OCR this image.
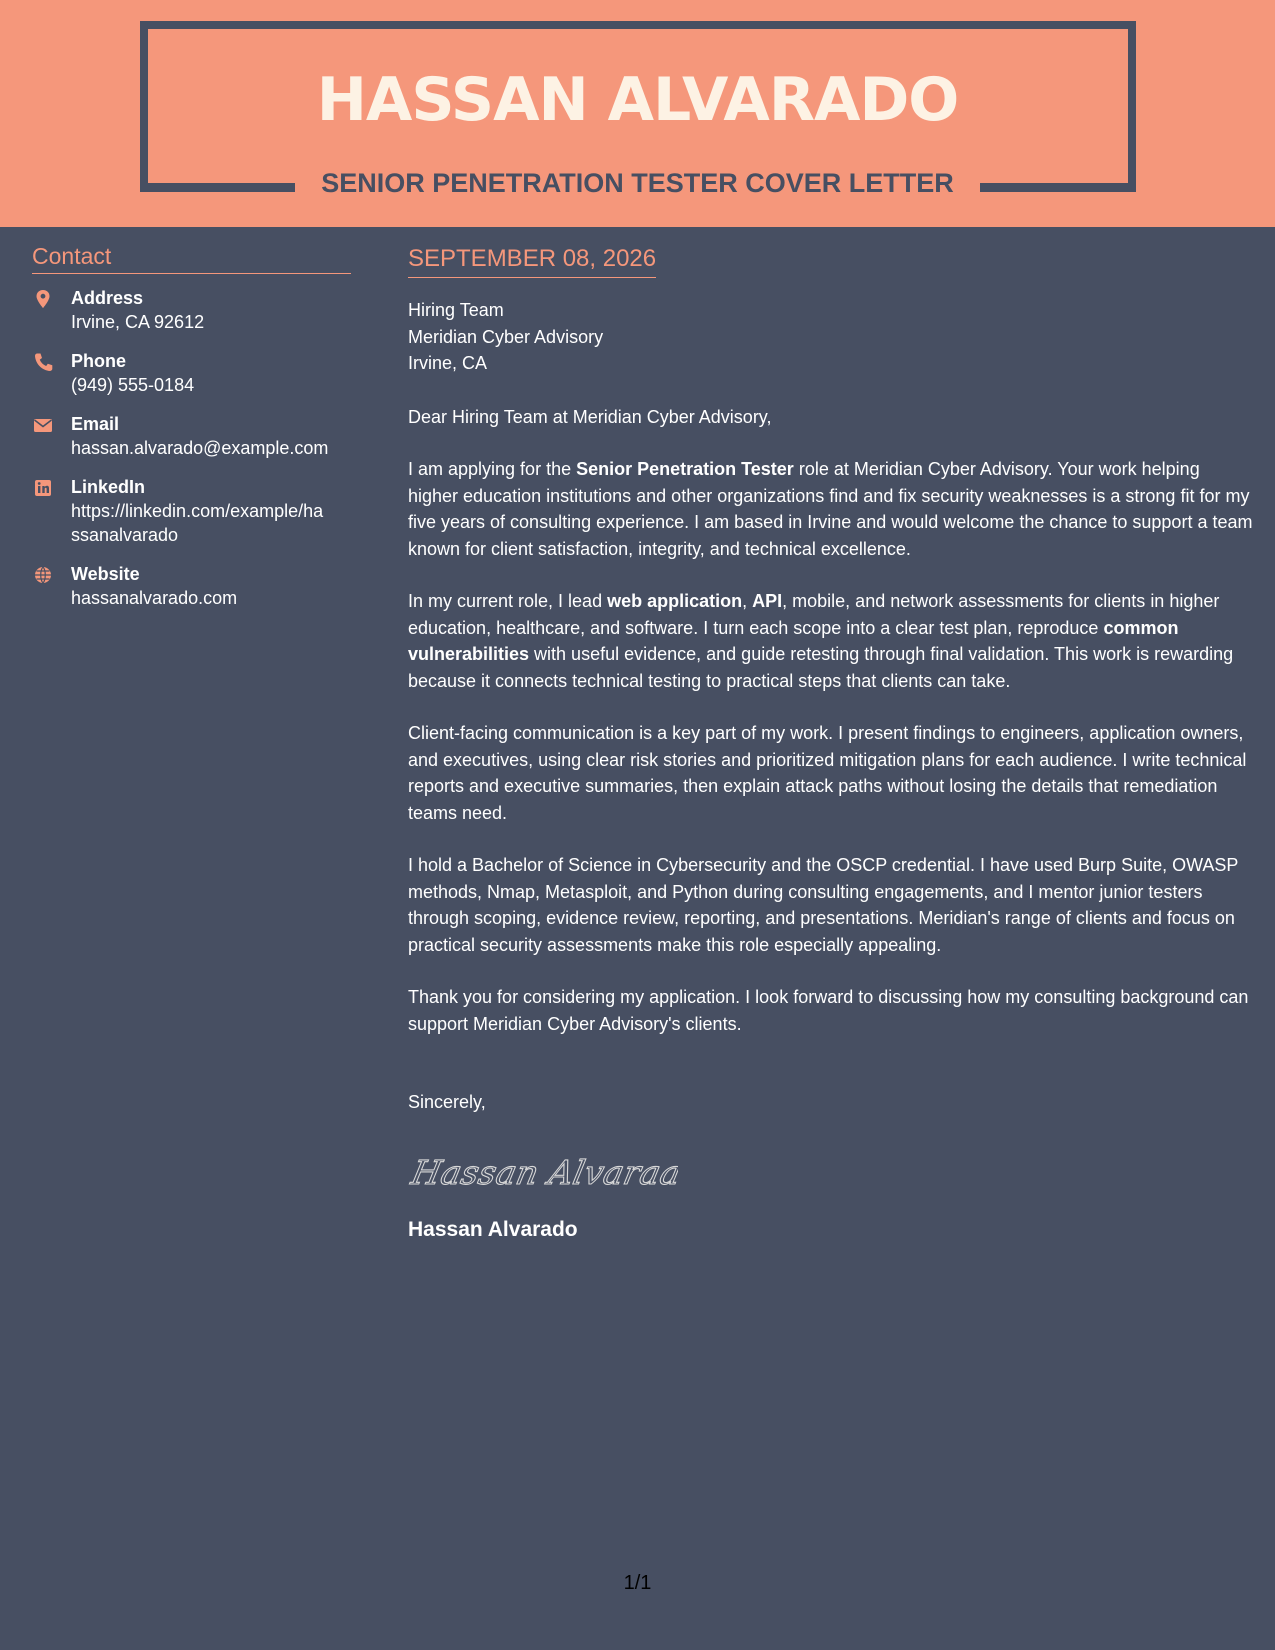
HASSAN ALVARADO
SENIOR PENETRATION TESTER COVER LETTER
Contact
Address
Irvine, CA 92612
Phone
(949) 555-0184
Email
hassan.alvarado@example.com
LinkedIn
https://linkedin.com/example/ha
ssanalvarado
Website
hassanalvarado.com
SEPTEMBER 08, 2026
Hiring Team
Meridian Cyber Advisory
Irvine, CA
Dear Hiring Team at Meridian Cyber Advisory,
I am applying for the Senior Penetration Tester role at Meridian Cyber Advisory. Your work helping higher education institutions and other organizations find and fix security weaknesses is a strong fit for my five years of consulting experience. I am based in Irvine and would welcome the chance to support a team known for client satisfaction, integrity, and technical excellence.
In my current role, I lead web application, API, mobile, and network assessments for clients in higher education, healthcare, and software. I turn each scope into a clear test plan, reproduce common vulnerabilities with useful evidence, and guide retesting through final validation. This work is rewarding because it connects technical testing to practical steps that clients can take.
Client-facing communication is a key part of my work. I present findings to engineers, application owners, and executives, using clear risk stories and prioritized mitigation plans for each audience. I write technical reports and executive summaries, then explain attack paths without losing the details that remediation teams need.
I hold a Bachelor of Science in Cybersecurity and the OSCP credential. I have used Burp Suite, OWASP methods, Nmap, Metasploit, and Python during consulting engagements, and I mentor junior testers through scoping, evidence review, reporting, and presentations. Meridian's range of clients and focus on practical security assessments make this role especially appealing.
Thank you for considering my application. I look forward to discussing how my consulting background can support Meridian Cyber Advisory's clients.
Sincerely,
Hassan Alvaraa
Hassan Alvarado
1/1
